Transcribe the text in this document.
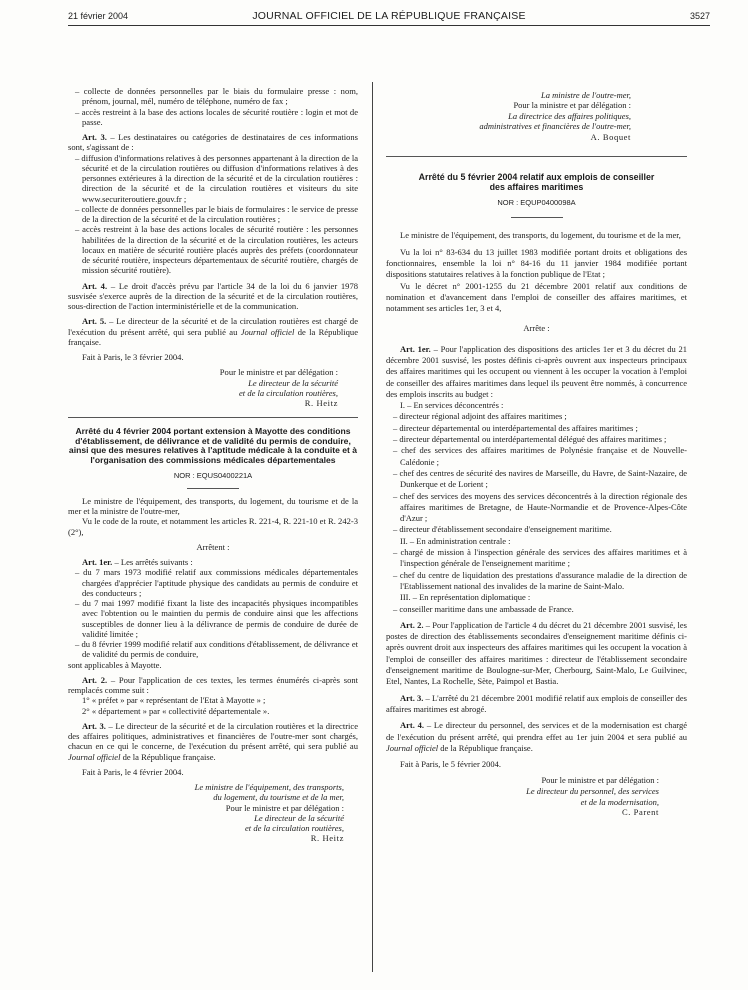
21 février 2004	JOURNAL OFFICIEL DE LA RÉPUBLIQUE FRANÇAISE	3527

– collecte de données personnelles par le biais du formulaire presse : nom, prénom, journal, mél, numéro de téléphone, numéro de fax ;

– accès restreint à la base des actions locales de sécurité routière : login et mot de passe.

Art. 3. – Les destinataires ou catégories de destinataires de ces informations sont, s'agissant de :

– diffusion d'informations relatives à des personnes appartenant à la direction de la sécurité et de la circulation routières ou diffusion d'informations relatives à des personnes extérieures à la direction de la sécurité et de la circulation routières : direction de la sécurité et de la circulation routières et visiteurs du site www.securiteroutiere.gouv.fr ;

– collecte de données personnelles par le biais de formulaires : le service de presse de la direction de la sécurité et de la circulation routières ;

– accès restreint à la base des actions locales de sécurité routière : les personnes habilitées de la direction de la sécurité et de la circulation routières, les acteurs locaux en matière de sécurité routière placés auprès des préfets (coordonnateur de sécurité routière, inspecteurs départementaux de sécurité routière, chargés de mission sécurité routière).

Art. 4. – Le droit d'accès prévu par l'article 34 de la loi du 6 janvier 1978 susvisée s'exerce auprès de la direction de la sécurité et de la circulation routières, sous-direction de l'action interministérielle et de la communication.

Art. 5. – Le directeur de la sécurité et de la circulation routières est chargé de l'exécution du présent arrêté, qui sera publié au Journal officiel de la République française.

Fait à Paris, le 3 février 2004.

Pour le ministre et par délégation :
Le directeur de la sécurité
et de la circulation routières,
R. Heitz

Arrêté du 4 février 2004 portant extension à Mayotte des conditions d'établissement, de délivrance et de validité du permis de conduire, ainsi que des mesures relatives à l'aptitude médicale à la conduite et à l'organisation des commissions médicales départementales

NOR : EQUS0400221A

Le ministre de l'équipement, des transports, du logement, du tourisme et de la mer et la ministre de l'outre-mer,

Vu le code de la route, et notamment les articles R. 221-4, R. 221-10 et R. 242-3 (2°),

Arrêtent :

Art. 1er. – Les arrêtés suivants :

– du 7 mars 1973 modifié relatif aux commissions médicales départementales chargées d'apprécier l'aptitude physique des candidats au permis de conduire et des conducteurs ;

– du 7 mai 1997 modifié fixant la liste des incapacités physiques incompatibles avec l'obtention ou le maintien du permis de conduire ainsi que les affections susceptibles de donner lieu à la délivrance de permis de conduire de durée de validité limitée ;

– du 8 février 1999 modifié relatif aux conditions d'établissement, de délivrance et de validité du permis de conduire,

sont applicables à Mayotte.

Art. 2. – Pour l'application de ces textes, les termes énumérés ci-après sont remplacés comme suit :

1° « préfet » par « représentant de l'Etat à Mayotte » ;

2° « département » par « collectivité départementale ».

Art. 3. – Le directeur de la sécurité et de la circulation routières et la directrice des affaires politiques, administratives et financières de l'outre-mer sont chargés, chacun en ce qui le concerne, de l'exécution du présent arrêté, qui sera publié au Journal officiel de la République française.

Fait à Paris, le 4 février 2004.

Le ministre de l'équipement, des transports,
du logement, du tourisme et de la mer,
Pour le ministre et par délégation :
Le directeur de la sécurité
et de la circulation routières,
R. Heitz
La ministre de l'outre-mer,
Pour la ministre et par délégation :
La directrice des affaires politiques,
administratives et financières de l'outre-mer,
A. Boquet

Arrêté du 5 février 2004 relatif aux emplois de conseiller des affaires maritimes

NOR : EQUP0400098A

Le ministre de l'équipement, des transports, du logement, du tourisme et de la mer,

Vu la loi n° 83-634 du 13 juillet 1983 modifiée portant droits et obligations des fonctionnaires, ensemble la loi n° 84-16 du 11 janvier 1984 modifiée portant dispositions statutaires relatives à la fonction publique de l'Etat ;

Vu le décret n° 2001-1255 du 21 décembre 2001 relatif aux conditions de nomination et d'avancement dans l'emploi de conseiller des affaires maritimes, et notamment ses articles 1er, 3 et 4,

Arrête :

Art. 1er. – Pour l'application des dispositions des articles 1er et 3 du décret du 21 décembre 2001 susvisé, les postes définis ci-après ouvrent aux inspecteurs principaux des affaires maritimes qui les occupent ou viennent à les occuper la vocation à l'emploi de conseiller des affaires maritimes dans lequel ils peuvent être nommés, à concurrence des emplois inscrits au budget :

I. – En services déconcentrés :

– directeur régional adjoint des affaires maritimes ;

– directeur départemental ou interdépartemental des affaires maritimes ;

– directeur départemental ou interdépartemental délégué des affaires maritimes ;

– chef des services des affaires maritimes de Polynésie française et de Nouvelle-Calédonie ;

– chef des centres de sécurité des navires de Marseille, du Havre, de Saint-Nazaire, de Dunkerque et de Lorient ;

– chef des services des moyens des services déconcentrés à la direction régionale des affaires maritimes de Bretagne, de Haute-Normandie et de Provence-Alpes-Côte d'Azur ;

– directeur d'établissement secondaire d'enseignement maritime.

II. – En administration centrale :

– chargé de mission à l'inspection générale des services des affaires maritimes et à l'inspection générale de l'enseignement maritime ;

– chef du centre de liquidation des prestations d'assurance maladie de la direction de l'Etablissement national des invalides de la marine de Saint-Malo.

III. – En représentation diplomatique :

– conseiller maritime dans une ambassade de France.

Art. 2. – Pour l'application de l'article 4 du décret du 21 décembre 2001 susvisé, les postes de direction des établissements secondaires d'enseignement maritime définis ci-après ouvrent droit aux inspecteurs des affaires maritimes qui les occupent la vocation à l'emploi de conseiller des affaires maritimes : directeur de l'établissement secondaire d'enseignement maritime de Boulogne-sur-Mer, Cherbourg, Saint-Malo, Le Guilvinec, Etel, Nantes, La Rochelle, Sète, Paimpol et Bastia.

Art. 3. – L'arrêté du 21 décembre 2001 modifié relatif aux emplois de conseiller des affaires maritimes est abrogé.

Art. 4. – Le directeur du personnel, des services et de la modernisation est chargé de l'exécution du présent arrêté, qui prendra effet au 1er juin 2004 et sera publié au Journal officiel de la République française.

Fait à Paris, le 5 février 2004.

Pour le ministre et par délégation :
Le directeur du personnel, des services
et de la modernisation,
C. Parent
